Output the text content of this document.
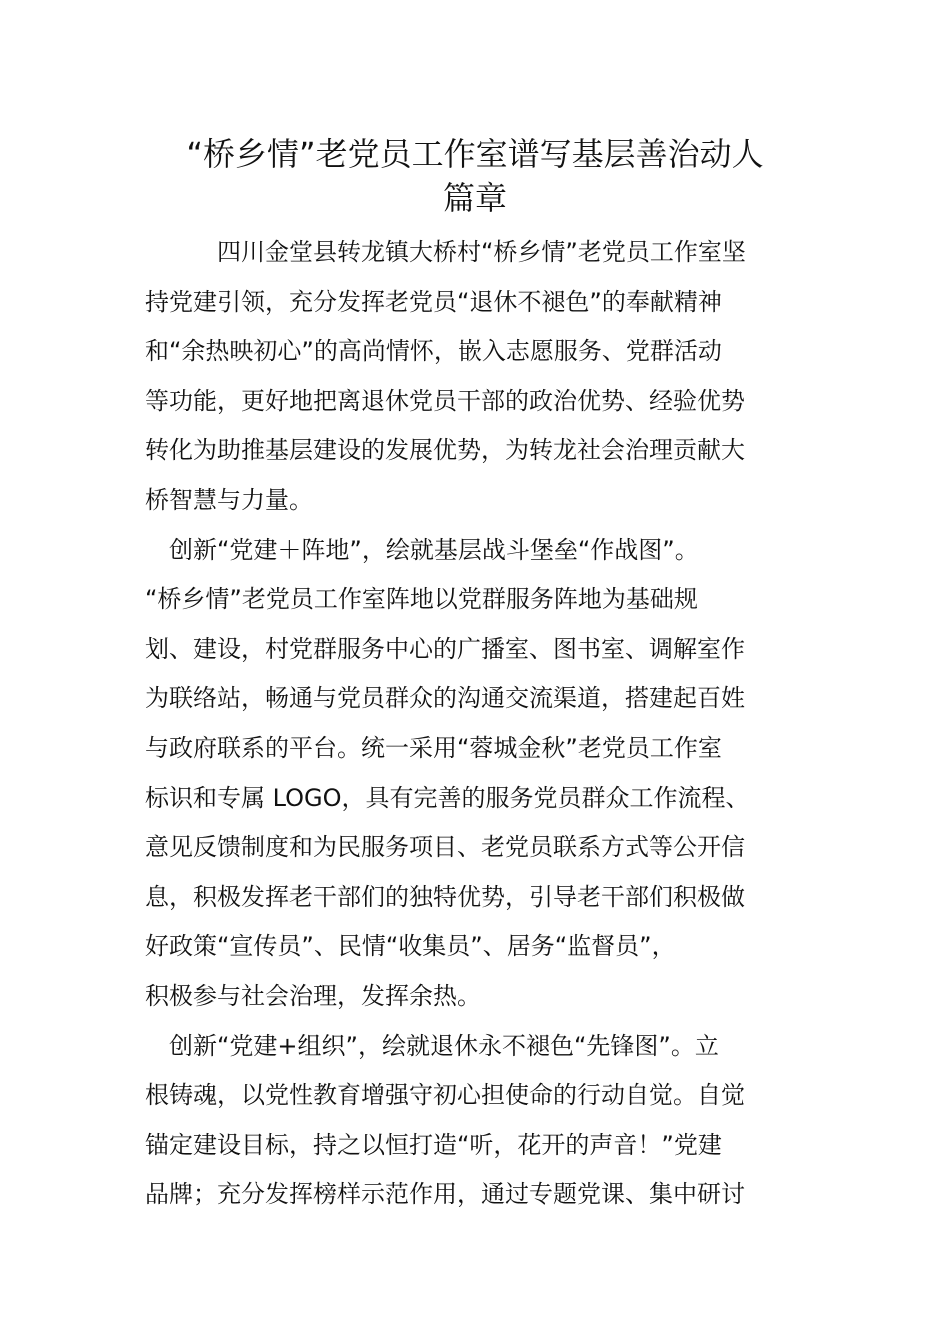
“桥乡情”老党员工作室谱写基层善治动人
篇章
　　　四川金堂县转龙镇大桥村“桥乡情”老党员工作室坚
持党建引领，充分发挥老党员“退休不褪色”的奉献精神
和“余热映初心”的高尚情怀，嵌入志愿服务、党群活动
等功能，更好地把离退休党员干部的政治优势、经验优势
转化为助推基层建设的发展优势，为转龙社会治理贡献大
桥智慧与力量。
　创新“党建＋阵地”，绘就基层战斗堡垒“作战图”。
“桥乡情”老党员工作室阵地以党群服务阵地为基础规
划、建设，村党群服务中心的广播室、图书室、调解室作
为联络站，畅通与党员群众的沟通交流渠道，搭建起百姓
与政府联系的平台。统一采用“蓉城金秋”老党员工作室
标识和专属 LOGO，具有完善的服务党员群众工作流程、
意见反馈制度和为民服务项目、老党员联系方式等公开信
息，积极发挥老干部们的独特优势，引导老干部们积极做
好政策“宣传员”、民情“收集员”、居务“监督员”，
积极参与社会治理，发挥余热。
　创新“党建+组织”，绘就退休永不褪色“先锋图”。立
根铸魂，以党性教育增强守初心担使命的行动自觉。自觉
锚定建设目标，持之以恒打造“听，花开的声音！”党建
品牌；充分发挥榜样示范作用，通过专题党课、集中研讨
